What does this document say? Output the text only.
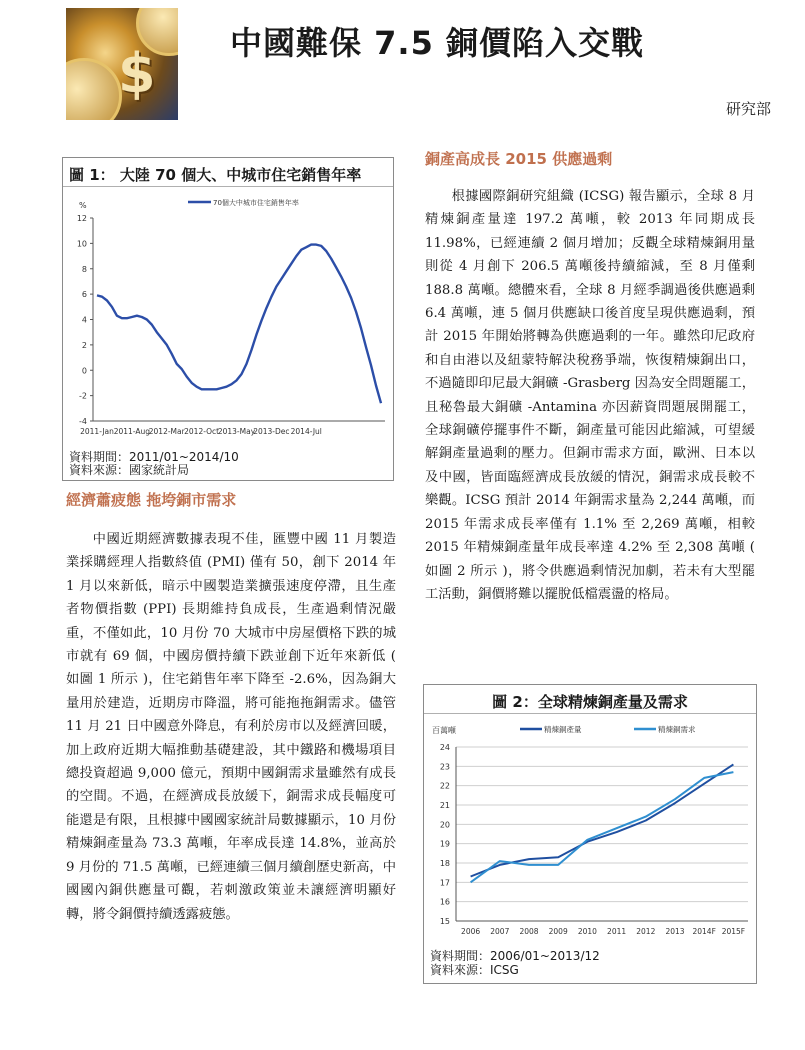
$ 中國難保 7.5 銅價陷入交戰
研究部
圖 1： 大陸 70 個大、中城市住宅銷售年率
%
12
10
8
6
4
2
0
-2
-4
2011-Jan 2011-Aug
2012-Mar 2012-Oct
2013-May
2013-Dec 2014-Jul
70個大中城市住宅銷售年率
資料期間：2011/01~2014/10
資料來源：國家統計局
經濟蕭疲態 拖垮銅市需求

中國近期經濟數據表現不佳，匯豐中國 11 月製造業採購經理人指數終值 (PMI) 僅有 50，創下 2014 年 1 月以來新低，暗示中國製造業擴張速度停滯，且生產者物價指數 (PPI) 長期維持負成長，生產過剩情況嚴重，不僅如此，10 月份 70 大城市中房屋價格下跌的城市就有 69 個，中國房價持續下跌並創下近年來新低 ( 如圖 1 所示 )，住宅銷售年率下降至 -2.6%，因為銅大量用於建造，近期房市降溫，將可能拖拖銅需求。儘管 11 月 21 日中國意外降息，有利於房市以及經濟回暖，加上政府近期大幅推動基礎建設，其中鐵路和機場項目總投資超過 9,000 億元，預期中國銅需求量雖然有成長的空間。不過，在經濟成長放緩下，銅需求成長幅度可能還是有限，且根據中國國家統計局數據顯示，10 月份精煉銅產量為 73.3 萬噸，年率成長達 14.8%，並高於 9 月份的 71.5 萬噸，已經連續三個月續創歷史新高，中國國內銅供應量可觀，若刺激政策並未讓經濟明顯好轉，將令銅價持續透露疲態。

銅產高成長 2015 供應過剩

根據國際銅研究組織 (ICSG) 報告顯示，全球 8 月精煉銅產量達 197.2 萬噸，較 2013 年同期成長 11.98%，已經連續 2 個月增加；反觀全球精煉銅用量則從 4 月創下 206.5 萬噸後持續縮減，至 8 月僅剩 188.8 萬噸。總體來看，全球 8 月經季調過後供應過剩 6.4 萬噸，連 5 個月供應缺口後首度呈現供應過剩，預計 2015 年開始將轉為供應過剩的一年。雖然印尼政府和自由港以及紐蒙特解決稅務爭端，恢復精煉銅出口，不過隨即印尼最大銅礦 -Grasberg 因為安全問題罷工，且秘魯最大銅礦 -Antamina 亦因薪資問題展開罷工，全球銅礦停擺事件不斷，銅產量可能因此縮減，可望緩解銅產量過剩的壓力。但銅市需求方面，歐洲、日本以及中國，皆面臨經濟成長放緩的情況，銅需求成長較不樂觀。ICSG 預計 2014 年銅需求量為 2,244 萬噸，而 2015 年需求成長率僅有 1.1% 至 2,269 萬噸，相較 2015 年精煉銅產量年成長率達 4.2% 至 2,308 萬噸 ( 如圖 2 所示 )，將令供應過剩情況加劇，若未有大型罷工活動，銅價將難以擺脫低檔震盪的格局。

圖 2：全球精煉銅產量及需求
百萬噸
24
23
22
21
20
19
18
17
16
15
2006 2007 2008 2009 2010 2011 2012 2013 2014F 2015F
精煉銅產量	精煉銅需求
資料期間：2006/01~2013/12
資料來源：ICSG
